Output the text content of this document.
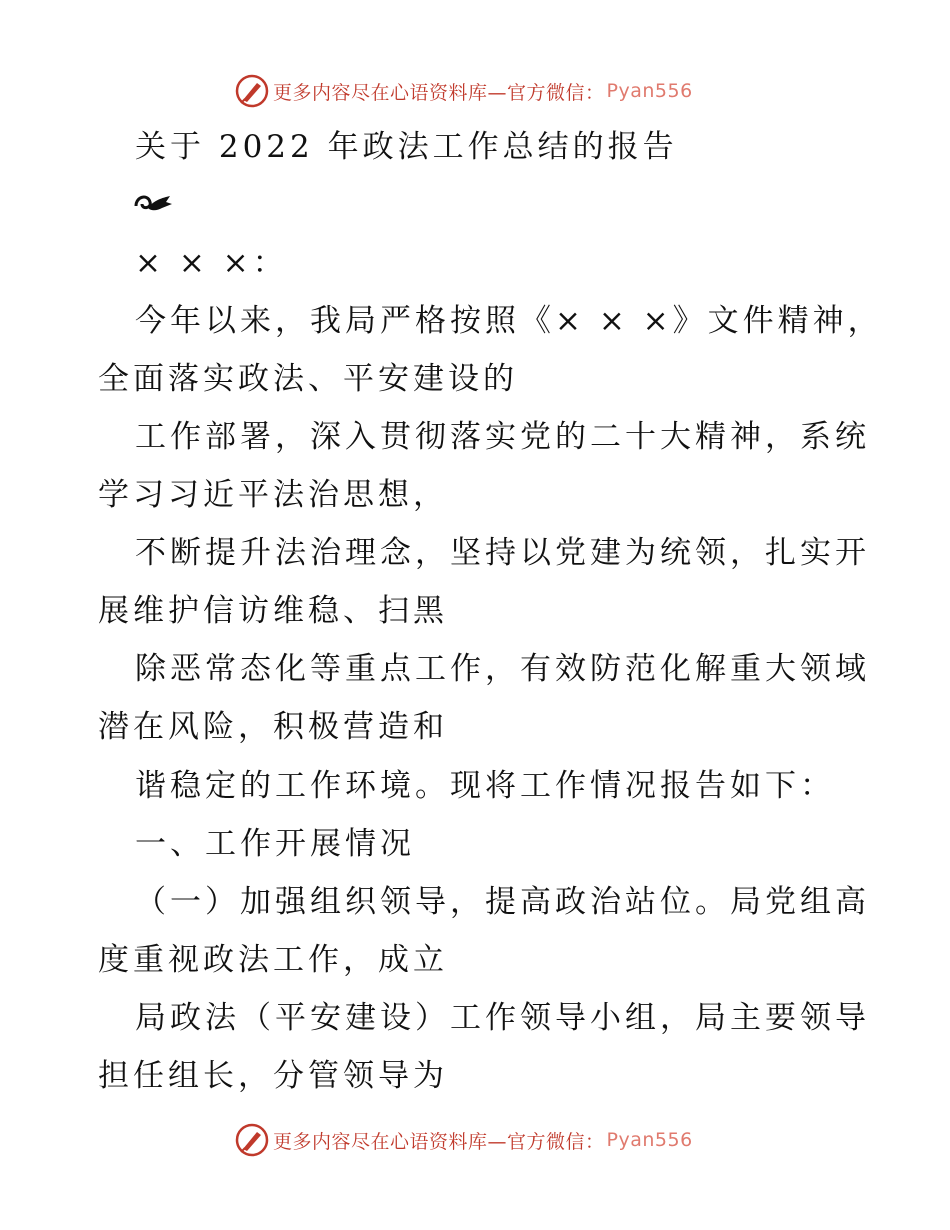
更多内容尽在心语资料库—官方微信： Pyan556
关于 2022 年政法工作总结的报告
× × ×：
今年以来，我局严格按照《× × ×》文件精神，
全面落实政法、平安建设的
工作部署，深入贯彻落实党的二十大精神，系统
学习习近平法治思想，
不断提升法治理念，坚持以党建为统领，扎实开
展维护信访维稳、扫黑
除恶常态化等重点工作，有效防范化解重大领域
潜在风险，积极营造和
谐稳定的工作环境。现将工作情况报告如下：
一、工作开展情况
（一）加强组织领导，提高政治站位。局党组高
度重视政法工作，成立
局政法（平安建设）工作领导小组，局主要领导
担任组长，分管领导为
更多内容尽在心语资料库—官方微信： Pyan556
